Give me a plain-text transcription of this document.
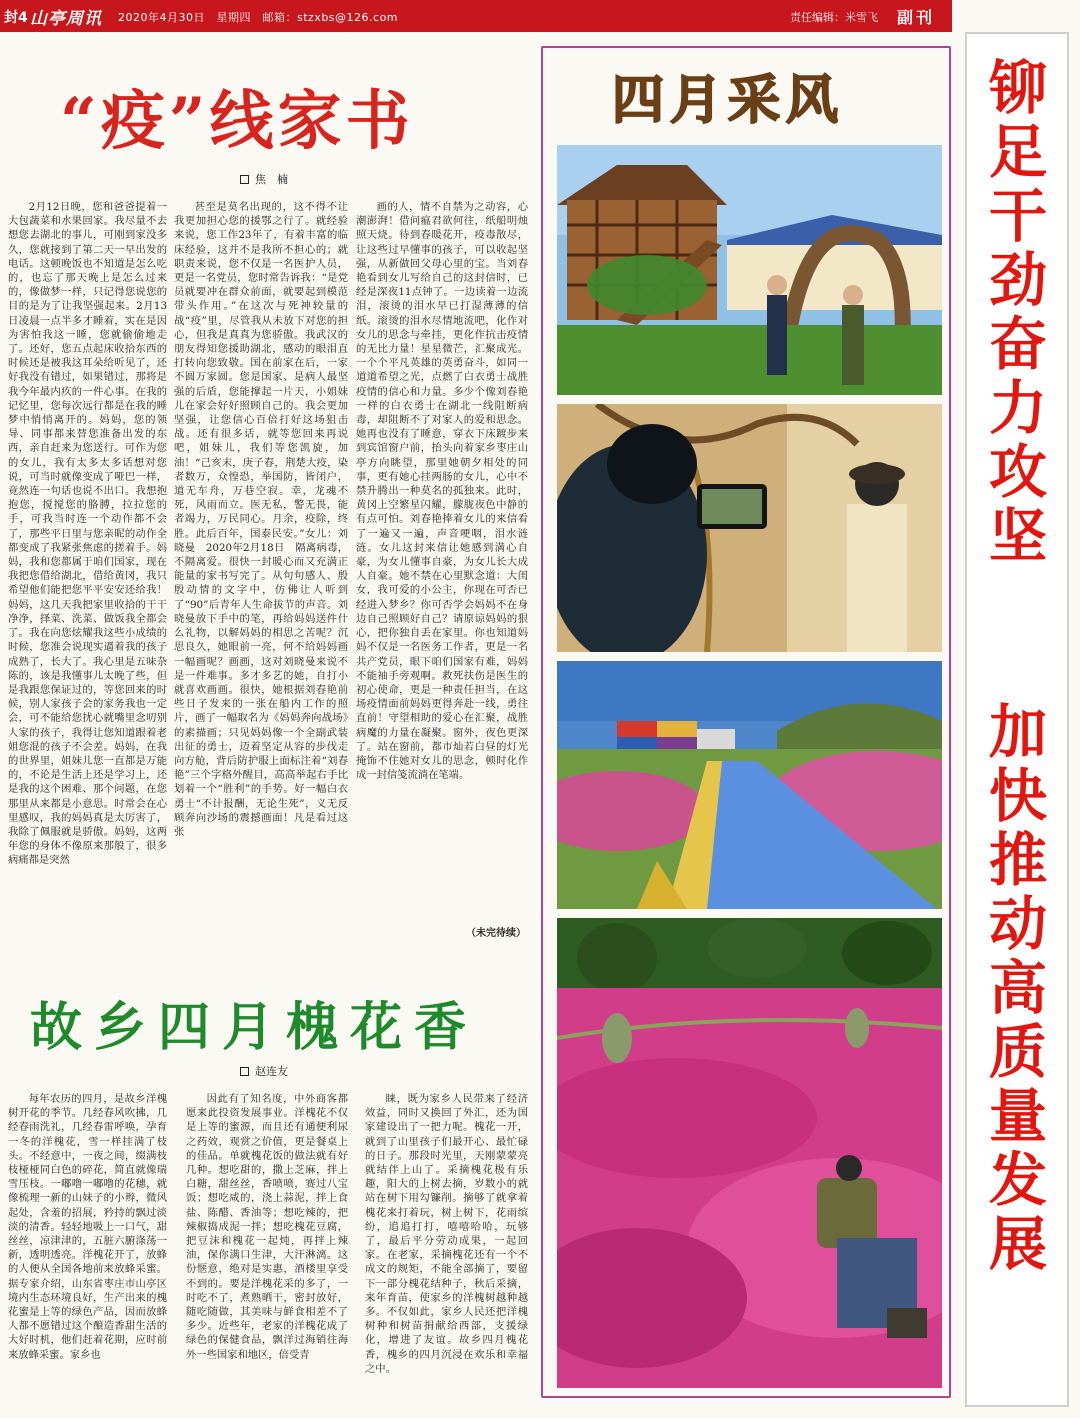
封4 山亭周讯 2020年4月30日　星期四　邮箱：stzxbs@126.com	责任编辑：米雪飞 副刊
“疫”线家书
焦　楠

2月12日晚，您和爸爸提着一大包蔬菜和水果回家。我尽量不去想您去湖北的事儿，可刚到家没多久，您就接到了第二天一早出发的电话。这顿晚饭也不知道是怎么吃的，也忘了那天晚上是怎么过来的，像做梦一样，只记得您说您的目的是为了让我坚强起来。2月13日凌晨一点半多才睡着，实在是因为害怕我这一睡，您就偷偷地走了。还好，您五点起床收拾东西的时候还是被我这耳朵给听见了，还好我没有错过，如果错过，那将是我今年最内疚的一件心事。在我的记忆里，您每次远行都是在我的睡梦中悄悄离开的。妈妈，您的领导、同事都来替您准备出发的东西，亲自赶来为您送行。可作为您的女儿，我有太多太多话想对您说，可当时就像变成了哑巴一样，竟然连一句话也说不出口。我想抱抱您，搅搅您的胳膊，拉拉您的手，可我当时连一个动作都不会了，那些平日里与您亲昵的动作全都变成了我紧张焦虑的搓着手。妈妈，我和您都属于咱们国家，现在我把您借给湖北，借给黄冈，我只希望他们能把您平平安安还给我！妈妈，这几天我把家里收拾的干干净净，择菜、洗菜、做饭我全都会了。我在向您炫耀我这些小成绩的时候，您准会说现实逼着我的孩子成熟了，长大了。我心里是五味杂陈的，该是我懂事儿太晚了些，但是我跟您保证过的，等您回来的时候，别人家孩子会的家务我也一定会，可不能给您扰心就嘴里念叨别人家的孩子，我得让您知道跟着老姐您混的孩子不会差。妈妈，在我的世界里，姐妹儿您一直都是万能的，不论是生活上还是学习上，还是我的这个困难、那个问题，在您那里从来都是小意思。时常会在心里感叹，我的妈妈真是太厉害了，我除了佩服就是骄傲。妈妈，这两年您的身体不像原来那般了，很多病痛都是突然

甚至是莫名出现的，这不得不让我更加担心您的援鄂之行了。就经验来说，您工作23年了，有着丰富的临床经验，这并不是我所不担心的；就职责来说，您不仅是一名医护人员，更是一名党员，您时常告诉我：“是党员就要冲在群众前面，就要起到模范带头作用。”在这次与死神较量的战“疫”里，尽管我从未放下对您的担心，但我是真真为您骄傲。我武汉的朋友得知您援助湖北，感动的眼泪直打转向您致敬。国在前家在后，一家不圆万家圆。您是国家、是病人最坚强的后盾，您能撑起一片天，小姐妹儿在家会好好照顾自己的。我会更加坚强，让您信心百倍打好这场狙击战。还有很多话，就等您回来再说吧，姐妹儿，我们等您凯旋，加油！“己亥末，庚子春，荆楚大疫，染者数万，众惶恐，举国防，皆闭户，道无车舟，万巷空寂。幸，龙魂不死，风雨而立。医无私，警无畏，能者竭力，万民同心。月余，疫除，终胜。此后百年，国泰民安。”女儿：刘晓曼　2020年2月18日　隔离病毒，不隔离爱。很快一封暖心而又充满正能量的家书写完了。从句句感人、殷殷动情的文字中，仿佛让人听到了“90”后青年人生命拔节的声音。刘晓曼放下手中的笔，再给妈妈送件什么礼物，以解妈妈的相思之苦呢？沉思良久，她眼前一亮，何不给妈妈画一幅画呢？画画，这对刘晓曼来说不是一件难事。多才多艺的她，自打小就喜欢画画。很快，她根据刘春艳前些日子发来的一张在船内工作的照片，画了一幅取名为《妈妈奔向战场》的素描画；只见妈妈像一个全副武装出征的勇士，迈着坚定从容的步伐走向方舱，背后防护服上面标注着“刘春艳”三个字格外醒目，高高举起右手比划着一个“胜利”的手势。好一幅白衣勇士“不计报酬，无论生死”，义无反顾奔向沙场的震撼画面！凡是看过这张

画的人，情不自禁为之动容，心潮澎湃！借问瘟君欲何往，纸船明烛照天烧。待到春暖花开，疫毒散尽，让这些过早懂事的孩子，可以收起坚强，从新做回父母心里的宝。当刘春艳看到女儿写给自己的这封信时，已经是深夜11点钟了。一边读着一边流泪，滚烫的泪水早已打湿薄薄的信纸。滚烫的泪水尽情地流吧，化作对女儿的思念与牵挂，更化作抗击疫情的无比力量！星星微芒，汇聚成光。一个个平凡英雄的英勇奋斗，如同一道道希望之光，点燃了白衣勇士战胜疫情的信心和力量。多少个像刘春艳一样的白衣勇士在湖北一线阻断病毒，却阻断不了对家人的爱和思念。她再也没有了睡意，穿衣下床踱步来到宾馆窗户前，抬头向着家乡枣庄山亭方向眺望，那里她朝夕相处的同事，更有她心挂两肠的女儿，心中不禁升腾出一种莫名的孤独来。此时，黄冈上空繁星闪耀，朦胧夜色中静的有点可怕。刘春艳捧着女儿的来信看了一遍又一遍，声音哽咽，泪水涟涟。女儿这封来信让她感到满心自豪，为女儿懂事自豪，为女儿长大成人自豪。她不禁在心里默念道：大闺女，我可爱的小公主，你现在可否已经进入梦乡？你可否学会妈妈不在身边自己照顾好自己？请原谅妈妈的狠心，把你独自丢在家里。你也知道妈妈不仅是一名医务工作者，更是一名共产党员，眼下咱们国家有难，妈妈不能袖手旁观啊。救死扶伤是医生的初心使命，更是一种责任担当，在这场疫情面前妈妈更得奔赴一线，勇往直前！守望相助的爱心在汇聚，战胜病魔的力量在凝聚。窗外，夜色更深了。站在窗前，都市灿若白昼的灯光掩饰不住她对女儿的思念，顿时化作成一封信笺流淌在笔端。

（未完待续）
故乡四月槐花香
赵连友

每年农历的四月，是故乡洋槐树开花的季节。几经春风吹拂，几经春雨洗礼，几经春雷呼唤，孕育一冬的洋槐花，雪一样挂满了枝头。不经意中，一夜之间，缀满枝枝桠桠同白色的碎花，简直就像瑞雪压枝。一嘟噜一嘟噜的花穗，就像梳理一新的山妹子的小辫，微风起处，含羞的招展，矜持的飘过淡淡的清香。轻轻地吸上一口气，甜丝丝，凉津津的，五脏六腑涤荡一新，透明透亮。洋槐花开了，放蜂的人便从全国各地前来放蜂采蜜。据专家介绍，山东省枣庄市山亭区境内生态环境良好，生产出来的槐花蜜是上等的绿色产品，因而放蜂人都不愿错过这个酿造香甜生活的大好时机，他们赶着花期，应时前来放蜂采蜜。家乡也

因此有了知名度，中外商客都愿来此投资发展事业。洋槐花不仅是上等的蜜源，而且还有通便利尿之药效，观赏之价值，更是餐桌上的佳品。单就槐花饭的做法就有好几种。想吃甜的，撒上芝麻，拌上白糖，甜丝丝，香喷喷，赛过八宝饭；想吃咸的，浇上蒜泥，拌上食盐、陈醋、香油等；想吃辣的，把辣椒捣成泥一拌；想吃槐花豆腐，把豆沫和槐花一起炖，再拌上辣油，保你满口生津，大汗淋漓。这份惬意，绝对是实惠，酒楼里享受不到的。要是洋槐花采的多了，一时吃不了，煮熟晒干，密封放好，随吃随做，其美味与鲜食相差不了多少。近些年，老家的洋槐花成了绿色的保健食品，飘洋过海销往海外一些国家和地区，倍受青

睐，既为家乡人民带来了经济效益，同时又换回了外汇，还为国家建设出了一把力呢。槐花一开，就到了山里孩子们最开心、最忙碌的日子。那段时光里，天刚蒙蒙亮就结伴上山了。采摘槐花极有乐趣，阳大的上树去摘，岁数小的就站在树下用勾镰削。摘够了就拿着槐花来打着玩，树上树下，花雨缤纷，追追打打，嘻嘻哈哈，玩够了，最后平分劳动成果，一起回家。在老家，采摘槐花还有一个不成文的规矩，不能全部摘了，要留下一部分槐花结种子，秋后采摘，来年育苗，使家乡的洋槐树越种越多。不仅如此，家乡人民还把洋槐树种和树苗捐献给西部，支援绿化，增进了友谊。故乡四月槐花香，槐乡的四月沉浸在欢乐和幸福之中。

四月采风 铆足干劲奋力攻坚
加快推动高质量发展
